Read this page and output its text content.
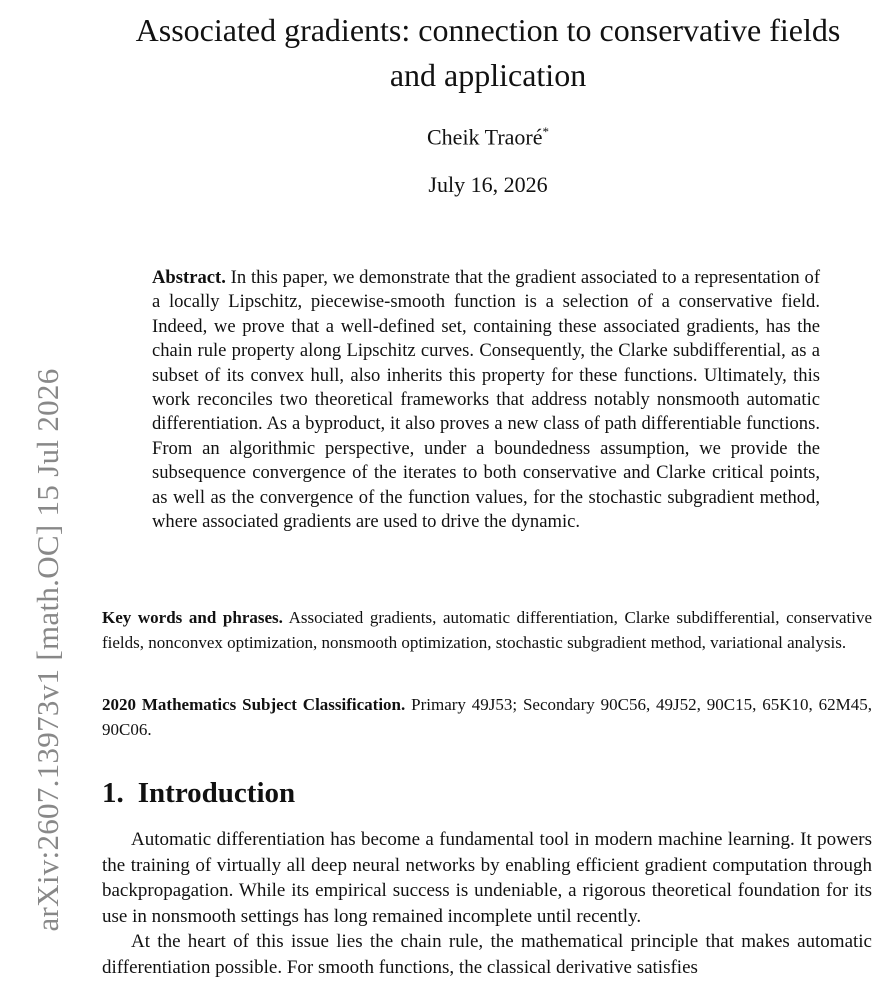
arXiv:2607.13973v1 [math.OC] 15 Jul 2026
Associated gradients: connection to conservative fields
and application
Cheik Traoré*
July 16, 2026

Abstract. In this paper, we demonstrate that the gradient associated to a representation of a locally Lipschitz, piecewise-smooth function is a selection of a conservative field. Indeed, we prove that a well-defined set, containing these associated gradients, has the chain rule property along Lipschitz curves. Consequently, the Clarke subdifferential, as a subset of its convex hull, also inherits this property for these functions. Ultimately, this work reconciles two theoretical frameworks that address notably nonsmooth automatic differentiation. As a byproduct, it also proves a new class of path differentiable functions. From an algorithmic perspective, under a boundedness assumption, we provide the subsequence convergence of the iterates to both conservative and Clarke critical points, as well as the convergence of the function values, for the stochastic subgradient method, where associated gradients are used to drive the dynamic.

Key words and phrases. Associated gradients, automatic differentiation, Clarke subdifferential, conservative fields, nonconvex optimization, nonsmooth optimization, stochastic subgradient method, variational analysis.

2020 Mathematics Subject Classification. Primary 49J53; Secondary 90C56, 49J52, 90C15, 65K10, 62M45, 90C06.

1. Introduction

Automatic differentiation has become a fundamental tool in modern machine learning. It powers the training of virtually all deep neural networks by enabling efficient gradient computation through backpropagation. While its empirical success is undeniable, a rigorous theoretical foundation for its use in nonsmooth settings has long remained incomplete until recently.

At the heart of this issue lies the chain rule, the mathematical principle that makes automatic differentiation possible. For smooth functions, the classical derivative satisfies
